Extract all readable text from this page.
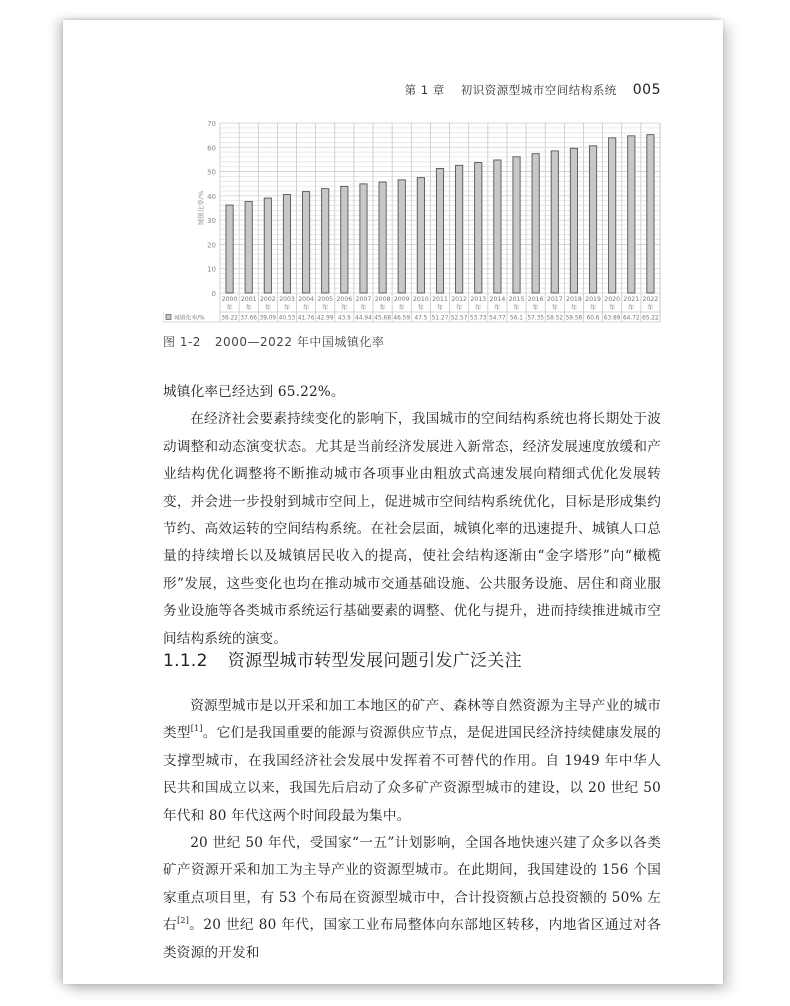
第 1 章 初识资源型城市空间结构系统 005
0
10
20
30
40
50
60
70
城镇化率/%
2000
年
36.22
2001
年
37.66
2002
年
39.09
2003
年
40.53
2004
年
41.76
2005
年
42.99
2006
年
43.9
2007
年
44.94
2008
年
45.68
2009
年
46.59
2010
年
47.5
2011
年
51.27
2012
年
52.57
2013
年
53.73
2014
年
54.77
2015
年
56.1
2016
年
57.35
2017
年
58.52
2018
年
59.58
2019
年
60.6
2020
年
63.89
2021
年
64.72
2022
年
65.22
城镇化率/%
图 1-2 2000—2022 年中国城镇化率

城镇化率已经达到 65.22%。

在经济社会要素持续变化的影响下，我国城市的空间结构系统也将长期处于波动调整和动态演变状态。尤其是当前经济发展进入新常态，经济发展速度放缓和产业结构优化调整将不断推动城市各项事业由粗放式高速发展向精细式优化发展转变，并会进一步投射到城市空间上，促进城市空间结构系统优化，目标是形成集约节约、高效运转的空间结构系统。在社会层面，城镇化率的迅速提升、城镇人口总量的持续增长以及城镇居民收入的提高，使社会结构逐渐由“金字塔形”向“橄榄形”发展，这些变化也均在推动城市交通基础设施、公共服务设施、居住和商业服务业设施等各类城市系统运行基础要素的调整、优化与提升，进而持续推进城市空间结构系统的演变。

1.1.2 资源型城市转型发展问题引发广泛关注

资源型城市是以开采和加工本地区的矿产、森林等自然资源为主导产业的城市类型[1]。它们是我国重要的能源与资源供应节点，是促进国民经济持续健康发展的支撑型城市，在我国经济社会发展中发挥着不可替代的作用。自 1949 年中华人民共和国成立以来，我国先后启动了众多矿产资源型城市的建设，以 20 世纪 50 年代和 80 年代这两个时间段最为集中。

20 世纪 50 年代，受国家“一五”计划影响，全国各地快速兴建了众多以各类矿产资源开采和加工为主导产业的资源型城市。在此期间，我国建设的 156 个国家重点项目里，有 53 个布局在资源型城市中，合计投资额占总投资额的 50% 左右[2]。20 世纪 80 年代，国家工业布局整体向东部地区转移，内地省区通过对各类资源的开发和
